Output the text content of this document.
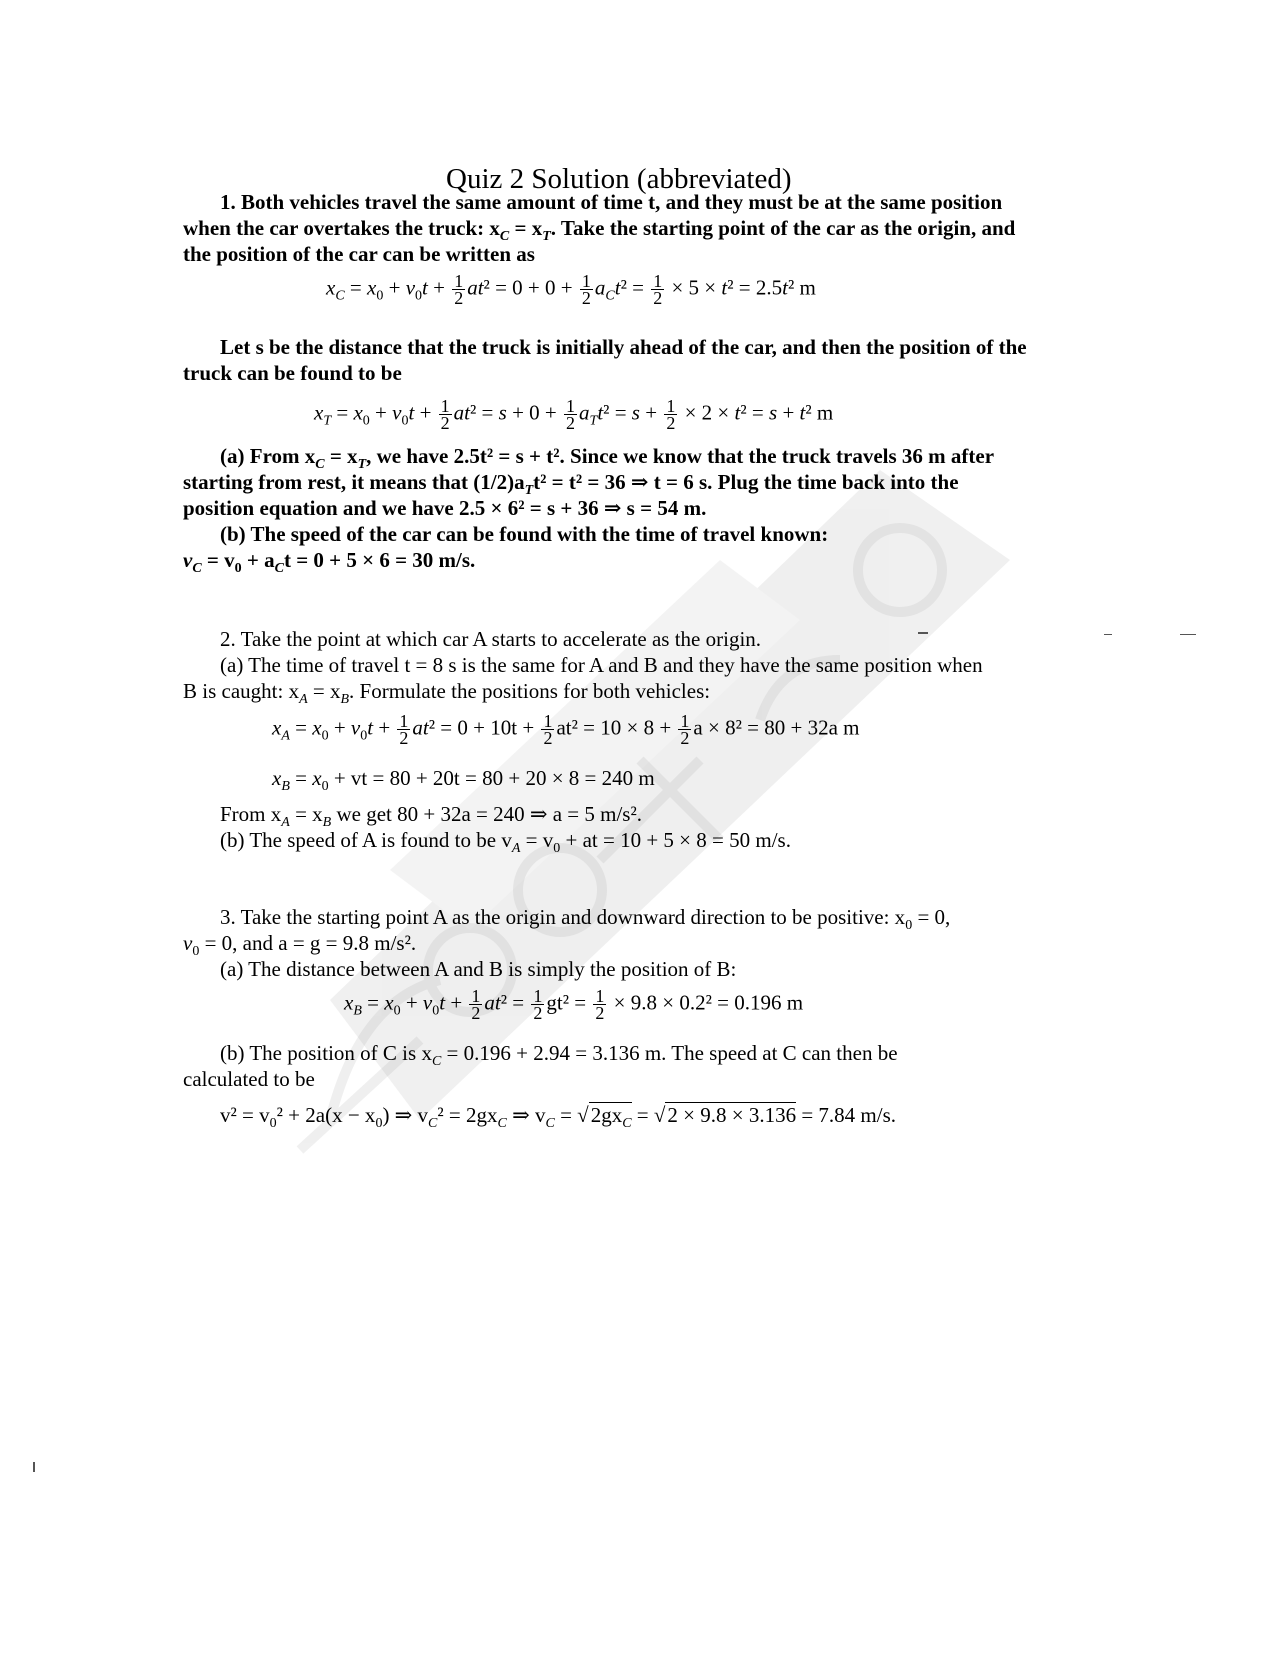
Quiz 2 Solution (abbreviated)
1. Both vehicles travel the same amount of time t, and they must be at the same position
when the car overtakes the truck: $x_C = x_T$. Take the starting point of the car as the origin, and
the position of the car can be written as
$x_C = x_0 + v_0t + \frac{1}{2} at^2 = 0 + 0 + \frac{1}{2} a_Ct^2 = \frac{1}{2} \times 5 \times t^2 = 2.5t^2$ m
Let s be the distance that the truck is initially ahead of the car, and then the position of the
truck can be found to be
$x_T = x_0 + v_0t + \frac{1}{2} at^2 = s + 0 + \frac{1}{2} a_Tt^2 = s + \frac{1}{2} \times 2 \times t^2 = s + t^2$ m
(a) From $x_C = x_T$, we have 2.5t² = s + t². Since we know that the truck travels 36 m after
starting from rest, it means that $(1/2)a_Tt^2 = t^2 = 36$ ⇒ t = 6 s. Plug the time back into the
position equation and we have 2.5 × 6² = s + 36 ⇒ s = 54 m.
(b) The speed of the car can be found with the time of travel known:
$v_C = v_0 + a_Ct = 0 + 5 \times 6 = 30$ m/s.
2. Take the point at which car A starts to accelerate as the origin.
(a) The time of travel t = 8 s is the same for A and B and they have the same position when
B is caught: $x_A = x_B$. Formulate the positions for both vehicles:
$x_A = x_0 + v_0t + \frac{1}{2} at^2 = 0 + 10t + \frac{1}{2} at^2 = 10 \times 8 + \frac{1}{2}$ a × 8² = 80 + 32a m
$x_B = x_0$ + vt = 80 + 20t = 80 + 20 × 8 = 240 m
From $x_A = x_B$ we get 80 + 32a = 240 ⇒ a = 5 m/s².
(b) The speed of A is found to be $v_A = v_0$ + at = 10 + 5 × 8 = 50 m/s.
3. Take the starting point A as the origin and downward direction to be positive: $x_0 = 0$,
$v_0 = 0$, and a = g = 9.8 m/s².
(a) The distance between A and B is simply the position of B:
$x_B = x_0 + v_0t + \frac{1}{2} at^2 = \frac{1}{2} gt^2 = \frac{1}{2} \times 9.8 \times 0.2^2 = 0.196$ m
(b) The position of C is $x_C = 0.196 + 2.94 = 3.136$ m. The speed at C can then be
calculated to be
$v^2 = v_0^2 + 2a(x - x_0)$ ⇒ $v_C^2 = 2gx_C$ ⇒ $v_C = √2gx_C = √2 \times 9.8 \times 3.136 = 7.84$ m/s.
